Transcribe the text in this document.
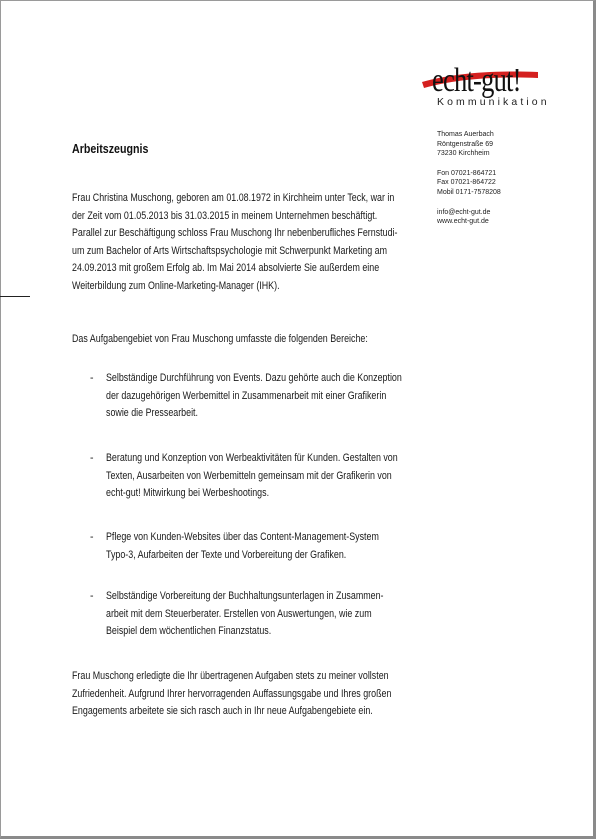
echt-gut!
Kommunikation
Thomas Auerbach
Röntgenstraße 69
73230 Kirchheim
Fon 07021-864721
Fax 07021-864722
Mobil 0171-7578208
info@echt-gut.de
www.echt-gut.de
Arbeitszeugnis
Frau Christina Muschong, geboren am 01.08.1972 in Kirchheim unter Teck, war in
der Zeit vom 01.05.2013 bis 31.03.2015 in meinem Unternehmen beschäftigt.
Parallel zur Beschäftigung schloss Frau Muschong Ihr nebenberufliches Fernstudi-
um zum Bachelor of Arts Wirtschaftspsychologie mit Schwerpunkt Marketing am
24.09.2013 mit großem Erfolg ab. Im Mai 2014 absolvierte Sie außerdem eine
Weiterbildung zum Online-Marketing-Manager (IHK).
Das Aufgabengebiet von Frau Muschong umfasste die folgenden Bereiche:
- Selbständige Durchführung von Events. Dazu gehörte auch die Konzeption
der dazugehörigen Werbemittel in Zusammenarbeit mit einer Grafikerin
sowie die Pressearbeit.
- Beratung und Konzeption von Werbeaktivitäten für Kunden. Gestalten von
Texten, Ausarbeiten von Werbemitteln gemeinsam mit der Grafikerin von
echt-gut! Mitwirkung bei Werbeshootings.
- Pflege von Kunden-Websites über das Content-Management-System
Typo-3, Aufarbeiten der Texte und Vorbereitung der Grafiken.
- Selbständige Vorbereitung der Buchhaltungsunterlagen in Zusammen-
arbeit mit dem Steuerberater. Erstellen von Auswertungen, wie zum
Beispiel dem wöchentlichen Finanzstatus.
Frau Muschong erledigte die Ihr übertragenen Aufgaben stets zu meiner vollsten
Zufriedenheit. Aufgrund Ihrer hervorragenden Auffassungsgabe und Ihres großen
Engagements arbeitete sie sich rasch auch in Ihr neue Aufgabengebiete ein.
